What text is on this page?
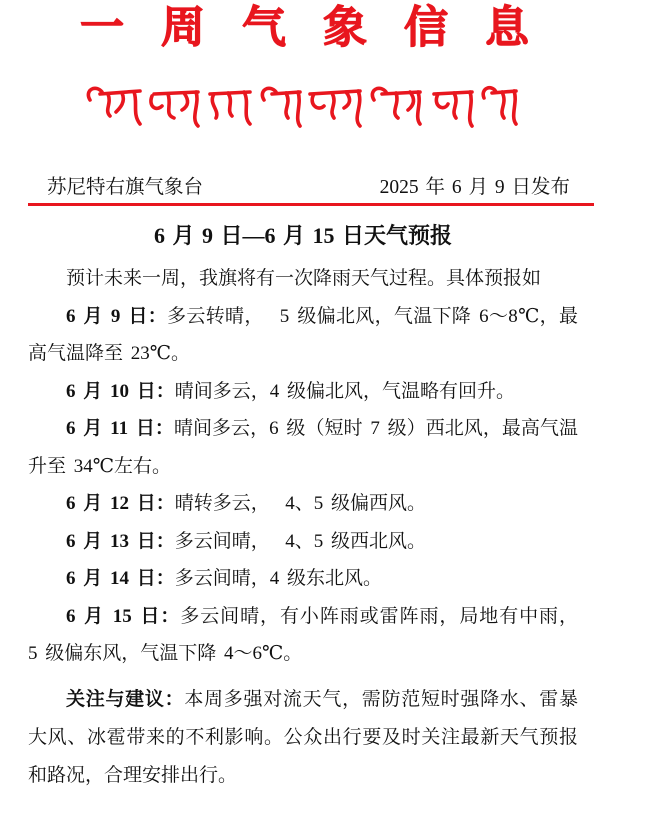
一周气象信息
苏尼特右旗气象台	2025 年 6 月 9 日发布
6 月 9 日—6 月 15 日天气预报

预计未来一周，我旗将有一次降雨天气过程。具体预报如

6 月 9 日：多云转晴，  5 级偏北风，气温下降 6～8℃，最
高气温降至 23℃。

6 月 10 日：晴间多云，4 级偏北风，气温略有回升。

6 月 11 日：晴间多云，6 级（短时 7 级）西北风，最高气温
升至 34℃左右。

6 月 12 日：晴转多云，  4、5 级偏西风。

6 月 13 日：多云间晴，  4、5 级西北风。

6 月 14 日：多云间晴，4 级东北风。

6 月 15 日：多云间晴，有小阵雨或雷阵雨，局地有中雨，
5 级偏东风，气温下降 4～6℃。

关注与建议：本周多强对流天气，需防范短时强降水、雷暴
大风、冰雹带来的不利影响。公众出行要及时关注最新天气预报
和路况，合理安排出行。
